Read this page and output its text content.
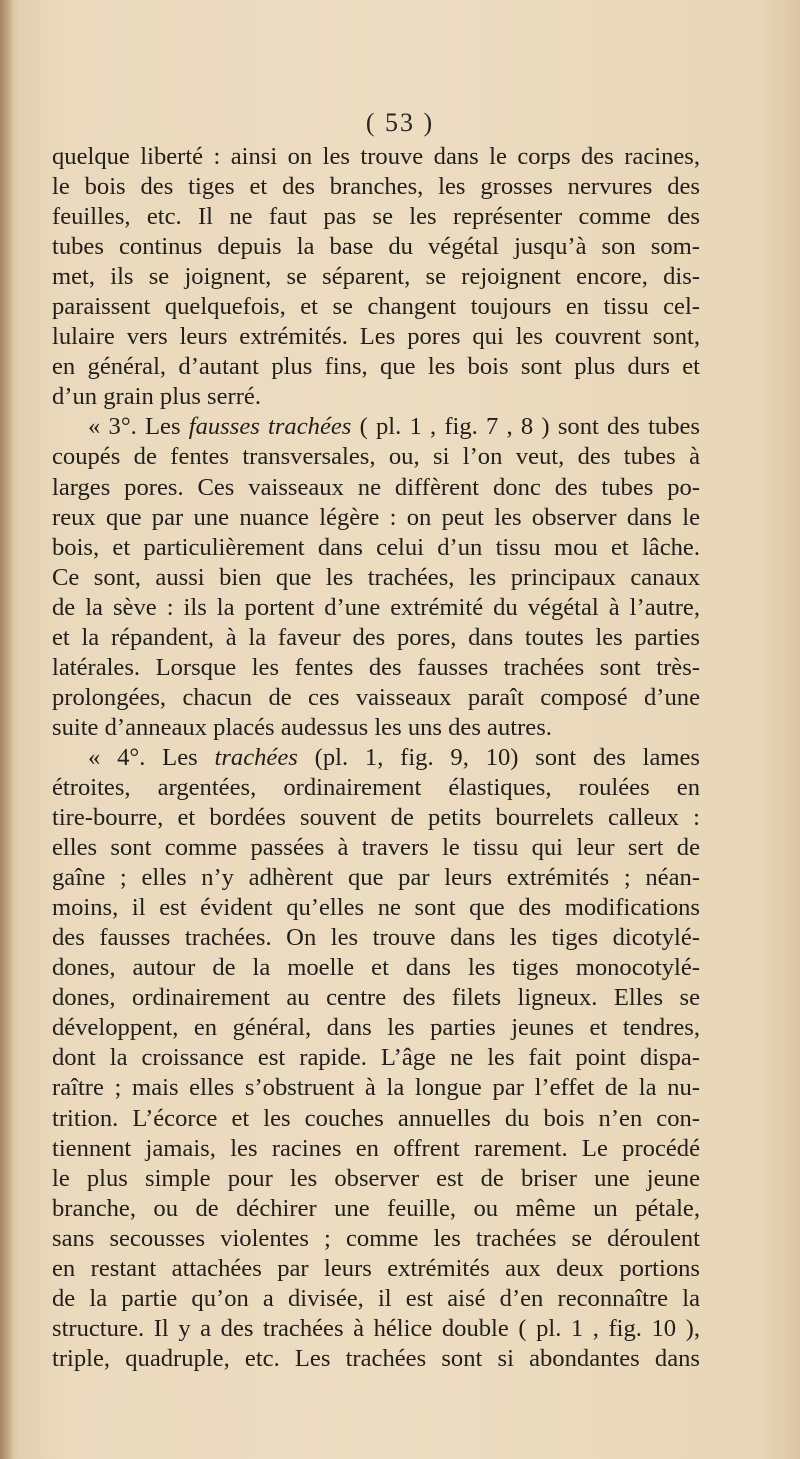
( 53 )
quelque liberté : ainsi on les trouve dans le corps des racines,
le bois des tiges et des branches, les grosses nervures des
feuilles, etc. Il ne faut pas se les représenter comme des
tubes continus depuis la base du végétal jusqu’à son som-
met, ils se joignent, se séparent, se rejoignent encore, dis-
paraissent quelquefois, et se changent toujours en tissu cel-
lulaire vers leurs extrémités. Les pores qui les couvrent sont,
en général, d’autant plus fins, que les bois sont plus durs et
d’un grain plus serré.
« 3°. Les fausses trachées ( pl. 1 , fig. 7 , 8 ) sont des tubes
coupés de fentes transversales, ou, si l’on veut, des tubes à
larges pores. Ces vaisseaux ne diffèrent donc des tubes po-
reux que par une nuance légère : on peut les observer dans le
bois, et particulièrement dans celui d’un tissu mou et lâche.
Ce sont, aussi bien que les trachées, les principaux canaux
de la sève : ils la portent d’une extrémité du végétal à l’autre,
et la répandent, à la faveur des pores, dans toutes les parties
latérales. Lorsque les fentes des fausses trachées sont très-
prolongées, chacun de ces vaisseaux paraît composé d’une
suite d’anneaux placés audessus les uns des autres.
« 4°. Les trachées (pl. 1, fig. 9, 10) sont des lames
étroites, argentées, ordinairement élastiques, roulées en
tire-bourre, et bordées souvent de petits bourrelets calleux :
elles sont comme passées à travers le tissu qui leur sert de
gaîne ; elles n’y adhèrent que par leurs extrémités ; néan-
moins, il est évident qu’elles ne sont que des modifications
des fausses trachées. On les trouve dans les tiges dicotylé-
dones, autour de la moelle et dans les tiges monocotylé-
dones, ordinairement au centre des filets ligneux. Elles se
développent, en général, dans les parties jeunes et tendres,
dont la croissance est rapide. L’âge ne les fait point dispa-
raître ; mais elles s’obstruent à la longue par l’effet de la nu-
trition. L’écorce et les couches annuelles du bois n’en con-
tiennent jamais, les racines en offrent rarement. Le procédé
le plus simple pour les observer est de briser une jeune
branche, ou de déchirer une feuille, ou même un pétale,
sans secousses violentes ; comme les trachées se déroulent
en restant attachées par leurs extrémités aux deux portions
de la partie qu’on a divisée, il est aisé d’en reconnaître la
structure. Il y a des trachées à hélice double ( pl. 1 , fig. 10 ),
triple, quadruple, etc. Les trachées sont si abondantes dans
